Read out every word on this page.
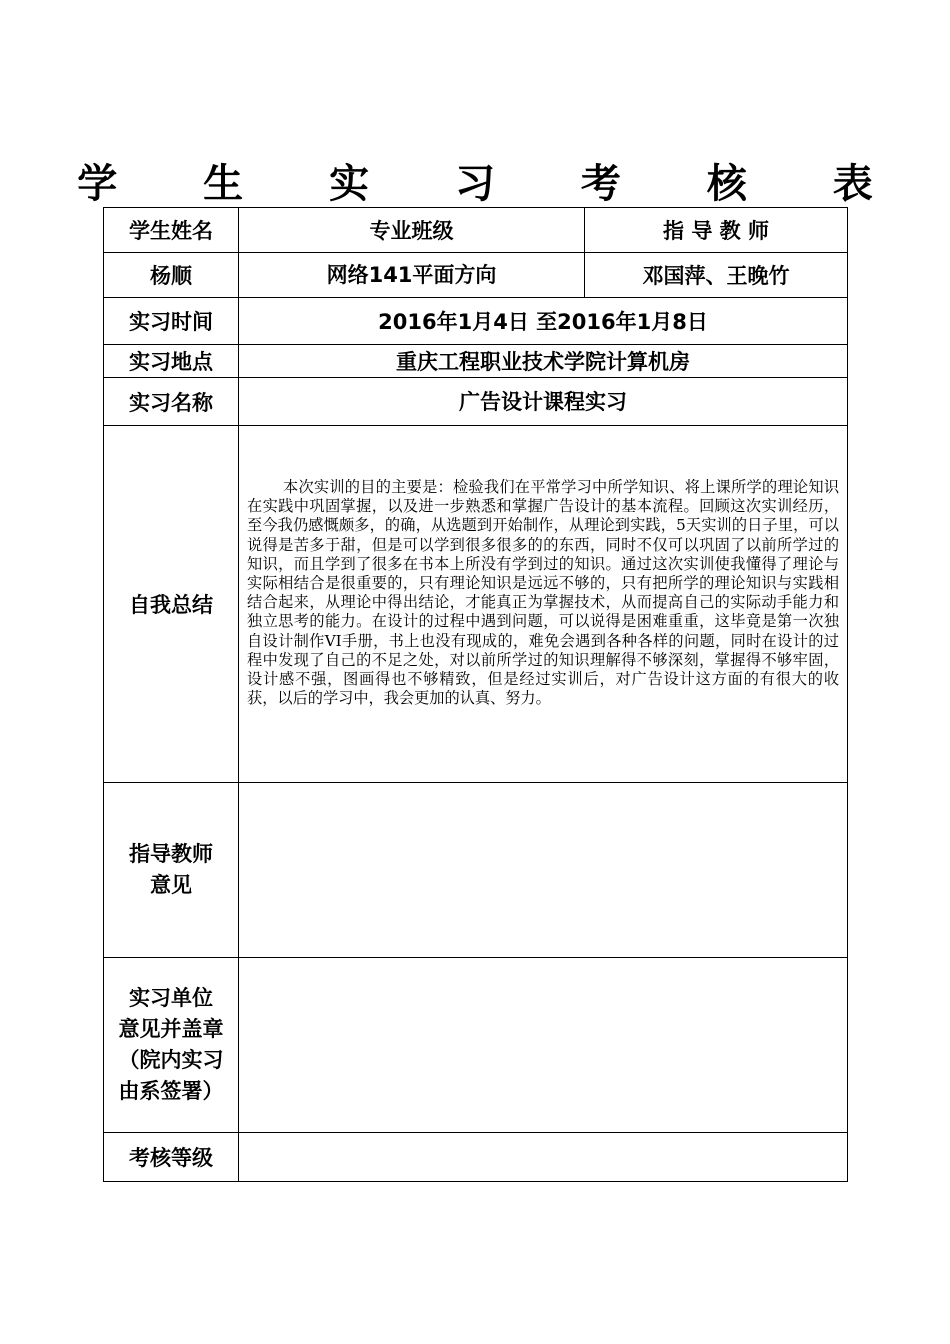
学 生 实 习 考 核 表
学生姓名	专业班级	指 导 教 师
杨顺	网络141平面方向	邓国萍、王晚竹
实习时间	2016年1月4日 至2016年1月8日	
实习地点	重庆工程职业技术学院计算机房	
实习名称	广告设计课程实习	
自我总结	本次实训的目的主要是：检验我们在平常学习中所学知识、将上课所学的理论知识在实践中巩固掌握，以及进一步熟悉和掌握广告设计的基本流程。回顾这次实训经历，至今我仍感慨颇多，的确，从选题到开始制作，从理论到实践，5天实训的日子里，可以说得是苦多于甜，但是可以学到很多很多的的东西，同时不仅可以巩固了以前所学过的知识，而且学到了很多在书本上所没有学到过的知识。通过这次实训使我懂得了理论与实际相结合是很重要的，只有理论知识是远远不够的，只有把所学的理论知识与实践相结合起来，从理论中得出结论，才能真正为掌握技术，从而提高自己的实际动手能力和独立思考的能力。在设计的过程中遇到问题，可以说得是困难重重，这毕竟是第一次独自设计制作VI手册，书上也没有现成的，难免会遇到各种各样的问题，同时在设计的过程中发现了自己的不足之处，对以前所学过的知识理解得不够深刻，掌握得不够牢固，设计感不强，图画得也不够精致，但是经过实训后，对广告设计这方面的有很大的收获，以后的学习中，我会更加的认真、努力。	

指导教师
意见		

实习单位
意见并盖章
（院内实习
由系签署）		

考核等级		
